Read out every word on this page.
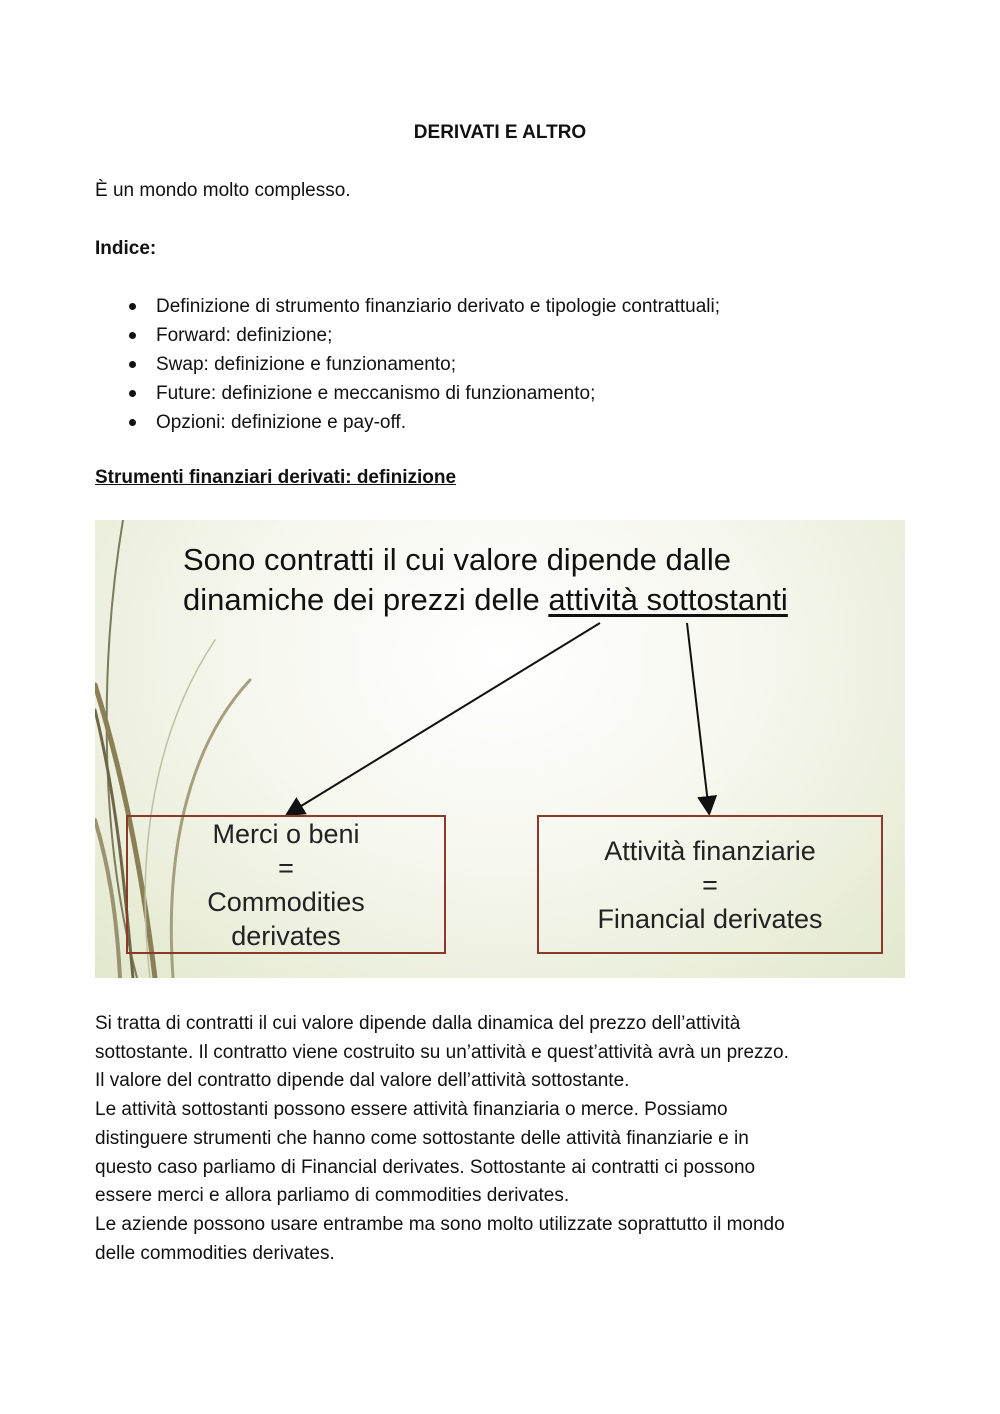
DERIVATI E ALTRO
È un mondo molto complesso.
Indice:
Definizione di strumento finanziario derivato e tipologie contrattuali;
Forward: definizione;
Swap: definizione e funzionamento;
Future: definizione e meccanismo di funzionamento;
Opzioni: definizione e pay-off.
Strumenti finanziari derivati: definizione
Sono contratti il cui valore dipende dalle
dinamiche dei prezzi delle attività sottostanti
Merci o beni
=
Commodities
derivates
Attività finanziarie
=
Financial derivates

Si tratta di contratti il cui valore dipende dalla dinamica del prezzo dell’attività

sottostante. Il contratto viene costruito su un’attività e quest’attività avrà un prezzo.

Il valore del contratto dipende dal valore dell’attività sottostante.

Le attività sottostanti possono essere attività finanziaria o merce. Possiamo

distinguere strumenti che hanno come sottostante delle attività finanziarie e in

questo caso parliamo di Financial derivates. Sottostante ai contratti ci possono

essere merci e allora parliamo di commodities derivates.

Le aziende possono usare entrambe ma sono molto utilizzate soprattutto il mondo

delle commodities derivates.
